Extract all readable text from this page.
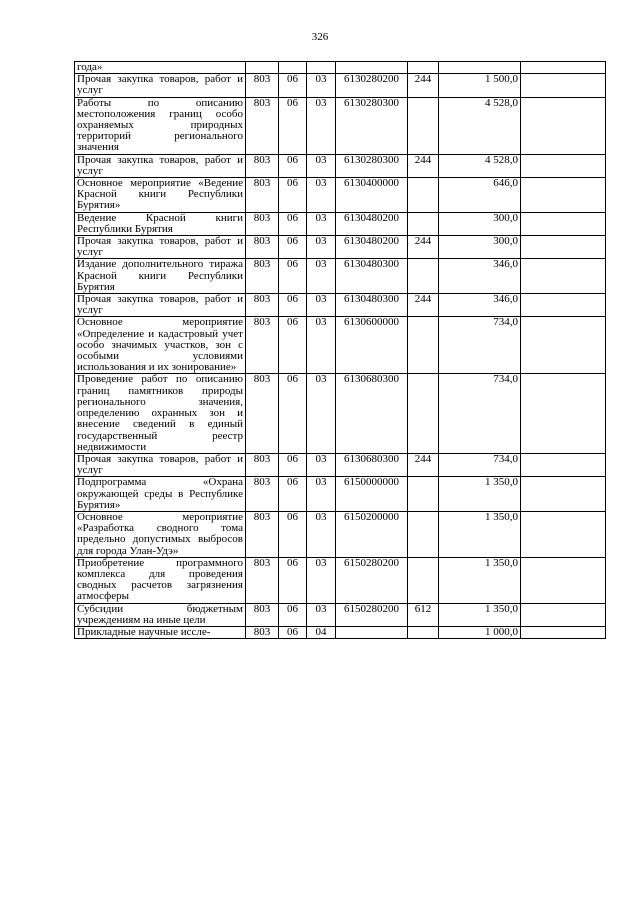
326
года»							
Прочая закупка товаров, работ и услуг	803	06	03	6130280200	244	1 500,0	
Работы по описанию местоположения границ особо охраняемых природных территорий регионального значения	803	06	03	6130280300		4 528,0	
Прочая закупка товаров, работ и услуг	803	06	03	6130280300	244	4 528,0	
Основное мероприятие «Ведение Красной книги Республики Бурятия»	803	06	03	6130400000		646,0	
Ведение Красной книги Республики Бурятия	803	06	03	6130480200		300,0	
Прочая закупка товаров, работ и услуг	803	06	03	6130480200	244	300,0	
Издание дополнительного тиража Красной книги Республики Бурятия	803	06	03	6130480300		346,0	
Прочая закупка товаров, работ и услуг	803	06	03	6130480300	244	346,0	
Основное мероприятие «Определение и кадастровый учет особо значимых участков, зон с особыми условиями использования и их зонирование»	803	06	03	6130600000		734,0	
Проведение работ по описанию границ памятников природы регионального значения, определению охранных зон и внесение сведений в единый государственный реестр недвижимости	803	06	03	6130680300		734,0	
Прочая закупка товаров, работ и услуг	803	06	03	6130680300	244	734,0	
Подпрограмма «Охрана окружающей среды в Республике Бурятия»	803	06	03	6150000000		1 350,0	
Основное мероприятие «Разработка сводного тома предельно допустимых выбросов для города Улан-Удэ»	803	06	03	6150200000		1 350,0	
Приобретение программного комплекса для проведения сводных расчетов загрязнения атмосферы	803	06	03	6150280200		1 350,0	
Субсидии бюджетным учреждениям на иные цели	803	06	03	6150280200	612	1 350,0	
Прикладные научные иссле-	803	06	04			1 000,0	
